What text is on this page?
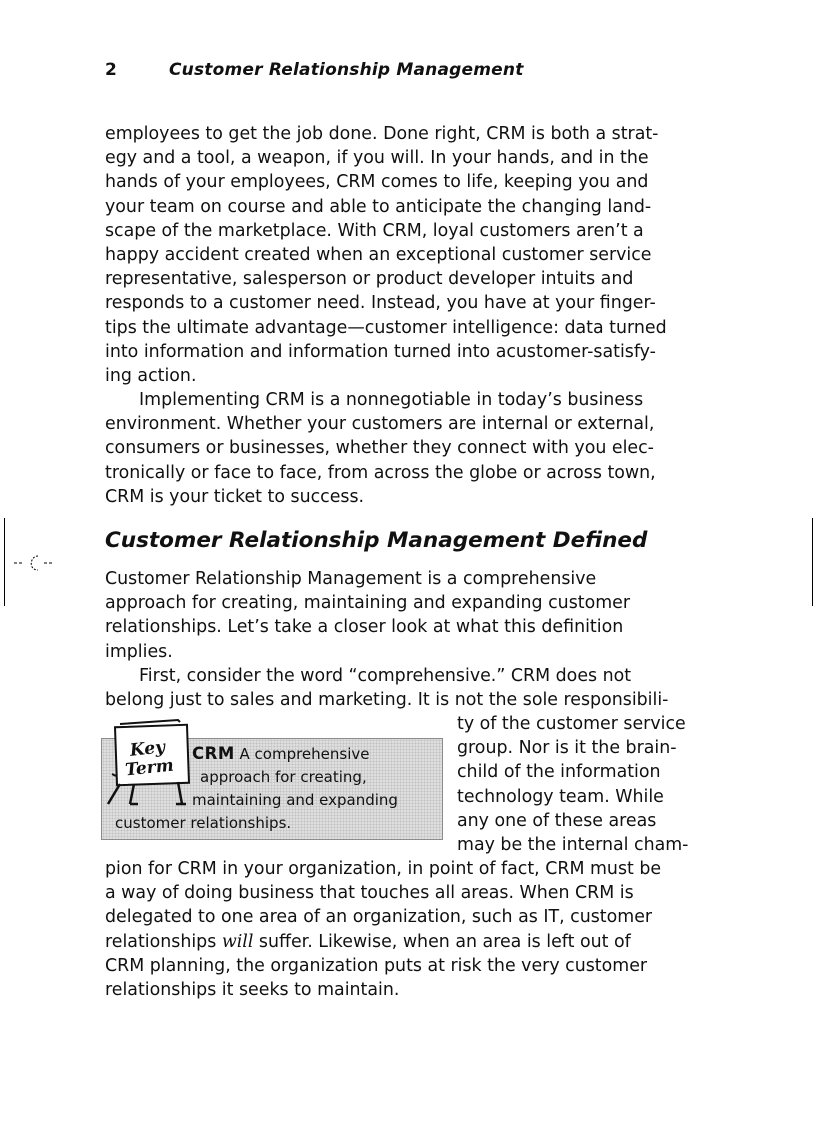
2	Customer Relationship Management
employees to get the job done. Done right, CRM is both a strat-
egy and a tool, a weapon, if you will. In your hands, and in the
hands of your employees, CRM comes to life, keeping you and
your team on course and able to anticipate the changing land-
scape of the marketplace. With CRM, loyal customers aren’t a
happy accident created when an exceptional customer service
representative, salesperson or product developer intuits and
responds to a customer need. Instead, you have at your finger-
tips the ultimate advantage—customer intelligence: data turned
into information and information turned into acustomer-satisfy-
ing action.
Implementing CRM is a nonnegotiable in today’s business
environment. Whether your customers are internal or external,
consumers or businesses, whether they connect with you elec-
tronically or face to face, from across the globe or across town,
CRM is your ticket to success.
Customer Relationship Management Defined
Customer Relationship Management is a comprehensive
approach for creating, maintaining and expanding customer
relationships. Let’s take a closer look at what this definition
implies.
First, consider the word “comprehensive.” CRM does not
belong just to sales and marketing. It is not the sole responsibili-
ty of the customer service
group. Nor is it the brain-
child of the information
technology team. While
any one of these areas
may be the internal cham-
Key
Term
CRM A comprehensive
approach for creating,
maintaining and expanding
customer relationships.
pion for CRM in your organization, in point of fact, CRM must be
a way of doing business that touches all areas. When CRM is
delegated to one area of an organization, such as IT, customer
relationships will suffer. Likewise, when an area is left out of
CRM planning, the organization puts at risk the very customer
relationships it seeks to maintain.
